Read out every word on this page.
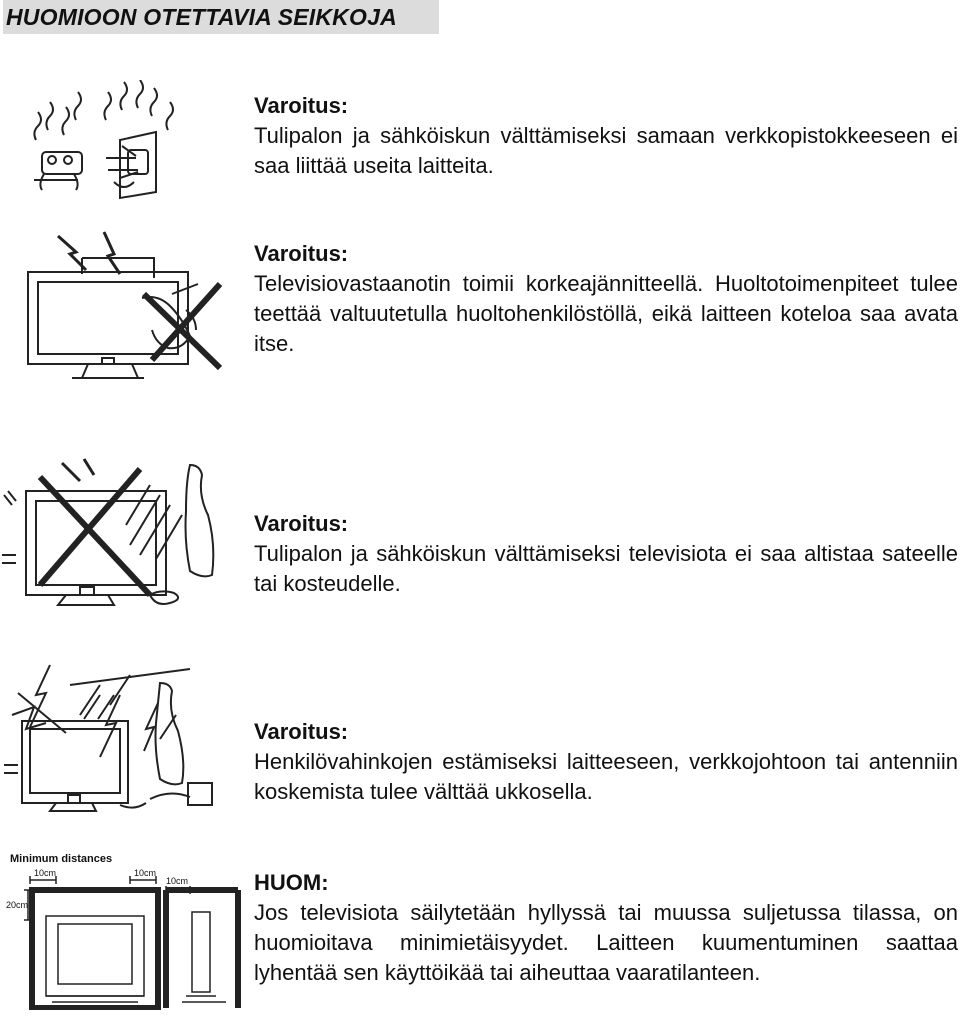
HUOMIOON OTETTAVIA SEIKKOJA
Minimum distances
10cm	10cm
10cm
20cm

Varoitus:

Tulipalon ja sähköiskun välttämiseksi samaan verkkopistokkeeseen ei saa liittää useita laitteita.

Varoitus:

Televisiovastaanotin toimii korkeajännitteellä. Huoltotoimenpiteet tulee teettää valtuutetulla huoltohenkilöstöllä, eikä laitteen koteloa saa avata itse.

Varoitus:

Tulipalon ja sähköiskun välttämiseksi televisiota ei saa altistaa sateelle tai kosteudelle.

Varoitus:

Henkilövahinkojen estämiseksi laitteeseen, verkkojohtoon tai antenniin koskemista tulee välttää ukkosella.

HUOM:

Jos televisiota säilytetään hyllyssä tai muussa suljetussa tilassa, on huomioitava minimietäisyydet. Laitteen kuumentuminen saattaa lyhentää sen käyttöikää tai aiheuttaa vaaratilanteen.
